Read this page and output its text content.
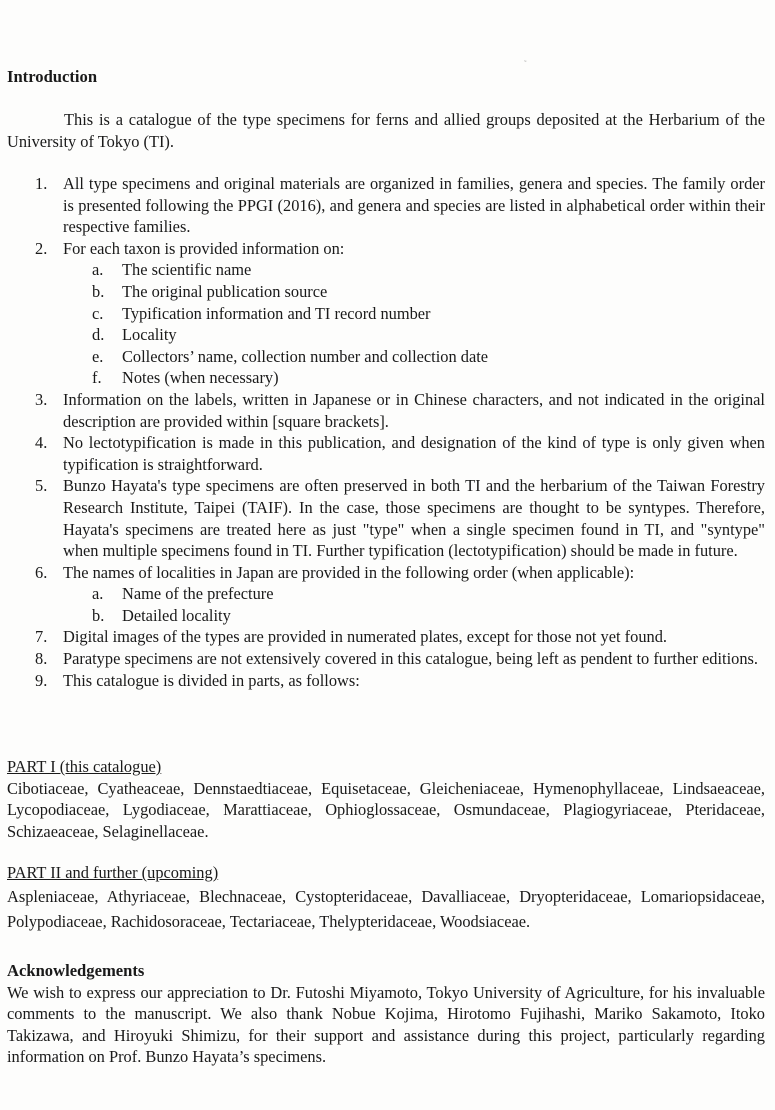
˜
Introduction

This is a catalogue of the type specimens for ferns and allied groups deposited at the Herbarium of the University of Tokyo (TI).

1. All type specimens and original materials are organized in families, genera and species. The family order is presented following the PPGI (2016), and genera and species are listed in alphabetical order within their respective families.
2. For each taxon is provided information on:
a. The scientific name
b. The original publication source
c. Typification information and TI record number
d. Locality
e. Collectors’ name, collection number and collection date
f. Notes (when necessary)
3. Information on the labels, written in Japanese or in Chinese characters, and not indicated in the original description are provided within [square brackets].
4. No lectotypification is made in this publication, and designation of the kind of type is only given when typification is straightforward.
5. Bunzo Hayata's type specimens are often preserved in both TI and the herbarium of the Taiwan Forestry Research Institute, Taipei (TAIF). In the case, those specimens are thought to be syntypes. Therefore, Hayata's specimens are treated here as just "type" when a single specimen found in TI, and "syntype" when multiple specimens found in TI. Further typification (lectotypification) should be made in future.
6. The names of localities in Japan are provided in the following order (when applicable):
a. Name of the prefecture
b. Detailed locality
7. Digital images of the types are provided in numerated plates, except for those not yet found.
8. Paratype specimens are not extensively covered in this catalogue, being left as pendent to further editions.
9. This catalogue is divided in parts, as follows:

PART I (this catalogue)

Cibotiaceae, Cyatheaceae, Dennstaedtiaceae, Equisetaceae, Gleicheniaceae, Hymenophyllaceae, Lindsaeaceae, Lycopodiaceae, Lygodiaceae, Marattiaceae, Ophioglossaceae, Osmundaceae, Plagiogyriaceae, Pteridaceae, Schizaeaceae, Selaginellaceae.

PART II and further (upcoming)

Aspleniaceae, Athyriaceae, Blechnaceae, Cystopteridaceae, Davalliaceae, Dryopteridaceae, Lomariopsidaceae, Polypodiaceae, Rachidosoraceae, Tectariaceae, Thelypteridaceae, Woodsiaceae.

Acknowledgements

We wish to express our appreciation to Dr. Futoshi Miyamoto, Tokyo University of Agriculture, for his invaluable comments to the manuscript. We also thank Nobue Kojima, Hirotomo Fujihashi, Mariko Sakamoto, Itoko Takizawa, and Hiroyuki Shimizu, for their support and assistance during this project, particularly regarding information on Prof. Bunzo Hayata’s specimens.
